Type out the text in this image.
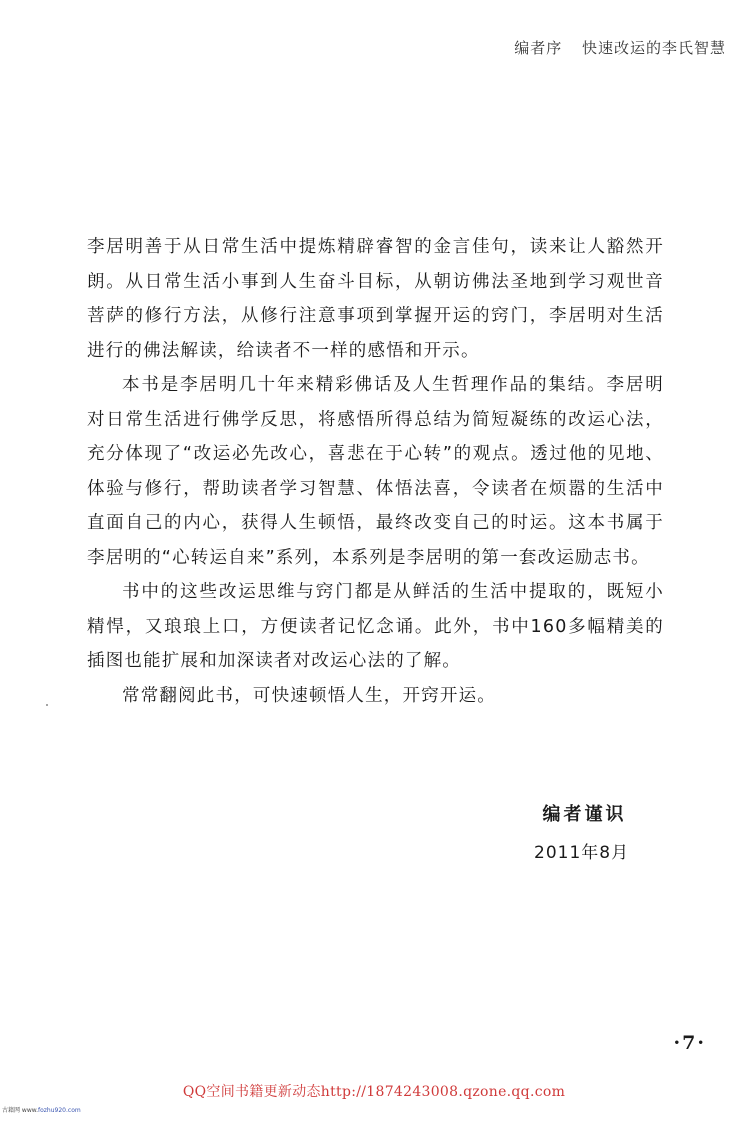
编者序 快速改运的李氏智慧

李居明善于从日常生活中提炼精辟睿智的金言佳句，读来让人豁然开朗。从日常生活小事到人生奋斗目标，从朝访佛法圣地到学习观世音菩萨的修行方法，从修行注意事项到掌握开运的窍门，李居明对生活进行的佛法解读，给读者不一样的感悟和开示。

本书是李居明几十年来精彩佛话及人生哲理作品的集结。李居明对日常生活进行佛学反思，将感悟所得总结为简短凝练的改运心法，充分体现了“改运必先改心，喜悲在于心转”的观点。透过他的见地、体验与修行，帮助读者学习智慧、体悟法喜，令读者在烦嚣的生活中直面自己的内心，获得人生顿悟，最终改变自己的时运。这本书属于李居明的“心转运自来”系列，本系列是李居明的第一套改运励志书。

书中的这些改运思维与窍门都是从鲜活的生活中提取的，既短小精悍，又琅琅上口，方便读者记忆念诵。此外，书中160多幅精美的插图也能扩展和加深读者对改运心法的了解。

常常翻阅此书，可快速顿悟人生，开窍开运。

编者谨识
2011年8月
·7·
QQ空间书籍更新动态http://1874243008.qzone.qq.com
古籍网 www.fozhu920.com
